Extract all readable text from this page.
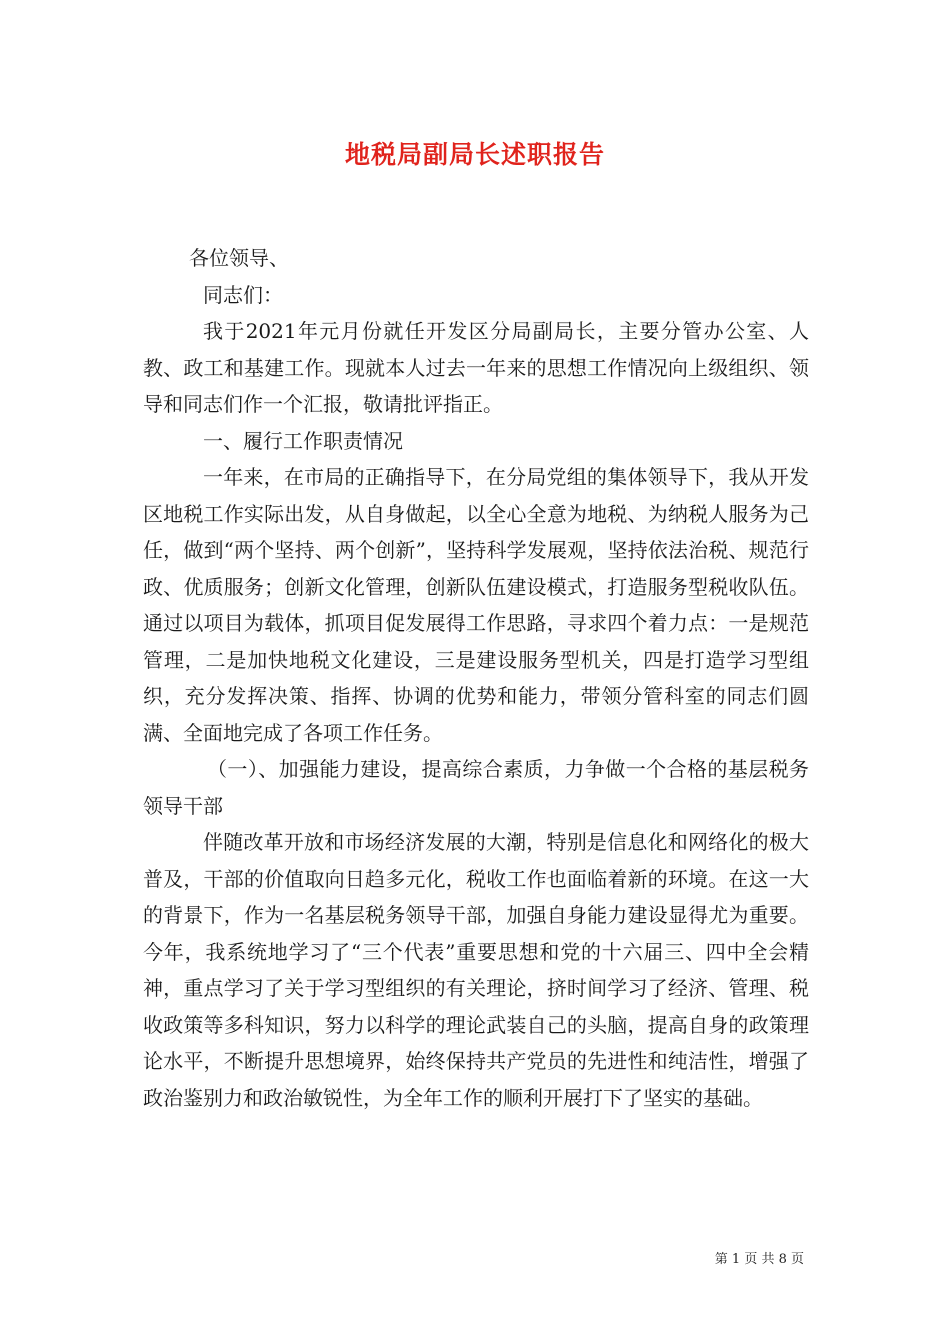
地税局副局长述职报告

各位领导、

同志们：

我于2021年元月份就任开发区分局副局长，主要分管办公室、人教、政工和基建工作。现就本人过去一年来的思想工作情况向上级组织、领导和同志们作一个汇报，敬请批评指正。

一、履行工作职责情况

一年来，在市局的正确指导下，在分局党组的集体领导下，我从开发区地税工作实际出发，从自身做起，以全心全意为地税、为纳税人服务为己任，做到“两个坚持、两个创新”，坚持科学发展观，坚持依法治税、规范行政、优质服务；创新文化管理，创新队伍建设模式，打造服务型税收队伍。通过以项目为载体，抓项目促发展得工作思路，寻求四个着力点：一是规范管理，二是加快地税文化建设，三是建设服务型机关，四是打造学习型组织，充分发挥决策、指挥、协调的优势和能力，带领分管科室的同志们圆满、全面地完成了各项工作任务。

（一）、加强能力建设，提高综合素质，力争做一个合格的基层税务领导干部

伴随改革开放和市场经济发展的大潮，特别是信息化和网络化的极大普及，干部的价值取向日趋多元化，税收工作也面临着新的环境。在这一大的背景下，作为一名基层税务领导干部，加强自身能力建设显得尤为重要。今年，我系统地学习了“三个代表”重要思想和党的十六届三、四中全会精神，重点学习了关于学习型组织的有关理论，挤时间学习了经济、管理、税收政策等多科知识，努力以科学的理论武装自己的头脑，提高自身的政策理论水平，不断提升思想境界，始终保持共产党员的先进性和纯洁性，增强了政治鉴别力和政治敏锐性，为全年工作的顺利开展打下了坚实的基础。

第 1 页 共 8 页
